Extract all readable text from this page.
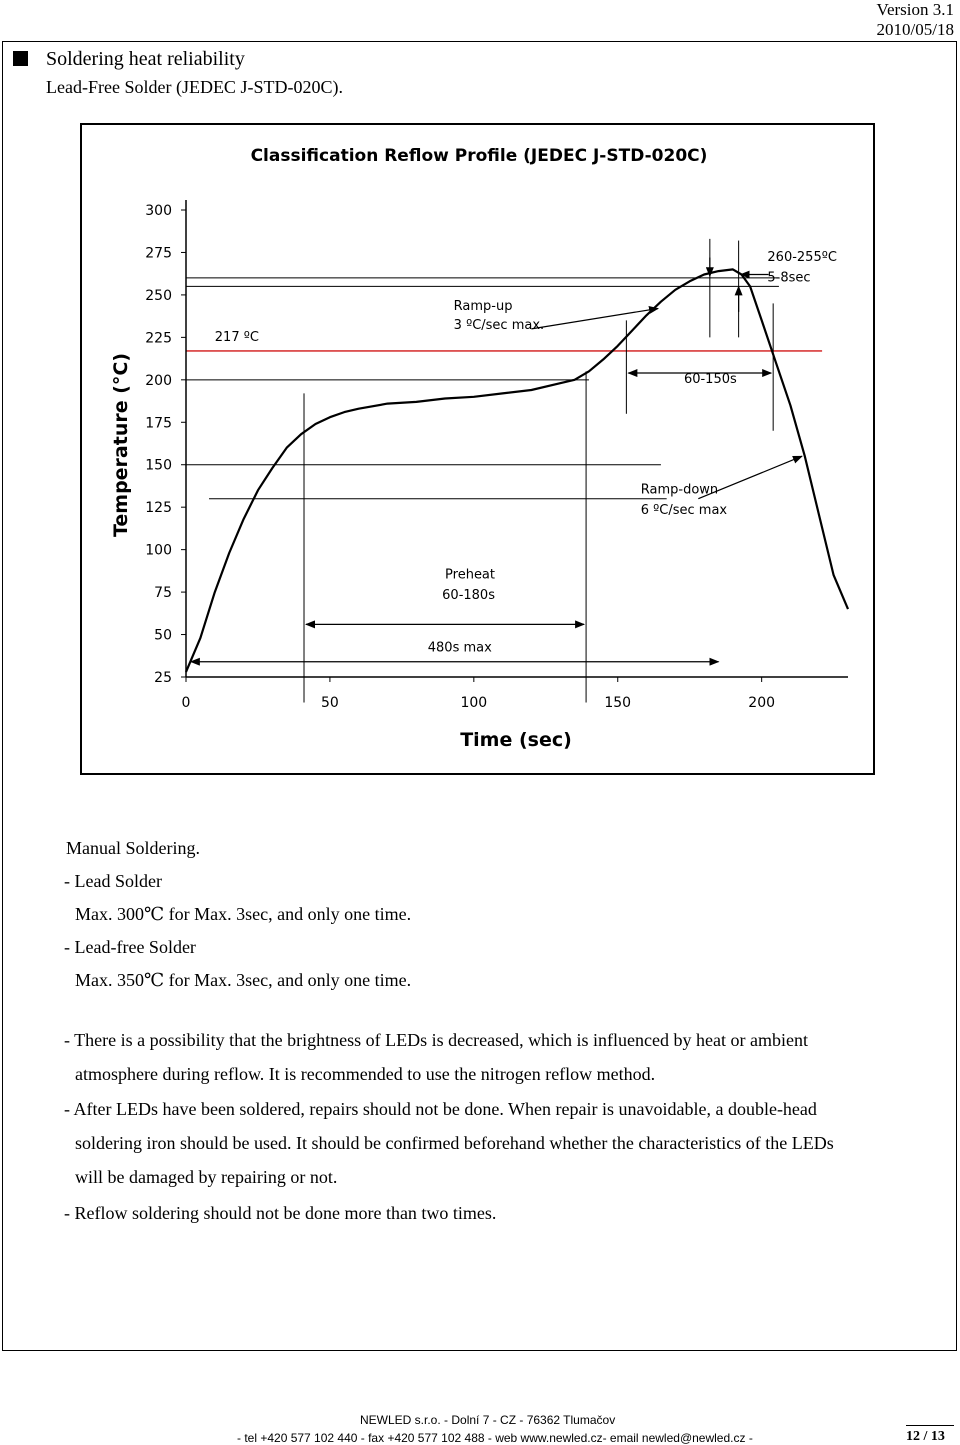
Version 3.1
2010/05/18
Soldering heat reliability
Lead-Free Solder (JEDEC J-STD-020C).
25
50
75
100
125
150
175
200
225
250
275
300
0	50	100	150	200
217 ºC
Ramp-up
3 ºC/sec max.
260-255ºC
5-8sec
60-150s
Ramp-down
6 ºC/sec max
Preheat
60-180s
480s max
Classification Reflow Profile (JEDEC J-STD-020C)
Time (sec)
Temperature (°C)
Manual Soldering.
- Lead Solder
Max. 300℃ for Max. 3sec, and only one time.
- Lead-free Solder
Max. 350℃ for Max. 3sec, and only one time.
- There is a possibility that the brightness of LEDs is decreased, which is influenced by heat or ambient
atmosphere during reflow. It is recommended to use the nitrogen reflow method.
- After LEDs have been soldered, repairs should not be done. When repair is unavoidable, a double-head
soldering iron should be used. It should be confirmed beforehand whether the characteristics of the LEDs
will be damaged by repairing or not.
- Reflow soldering should not be done more than two times.
NEWLED s.r.o. - Dolní 7 - CZ - 76362 Tlumačov
- tel +420 577 102 440 - fax +420 577 102 488 - web www.newled.cz- email newled@newled.cz -	12 / 13
